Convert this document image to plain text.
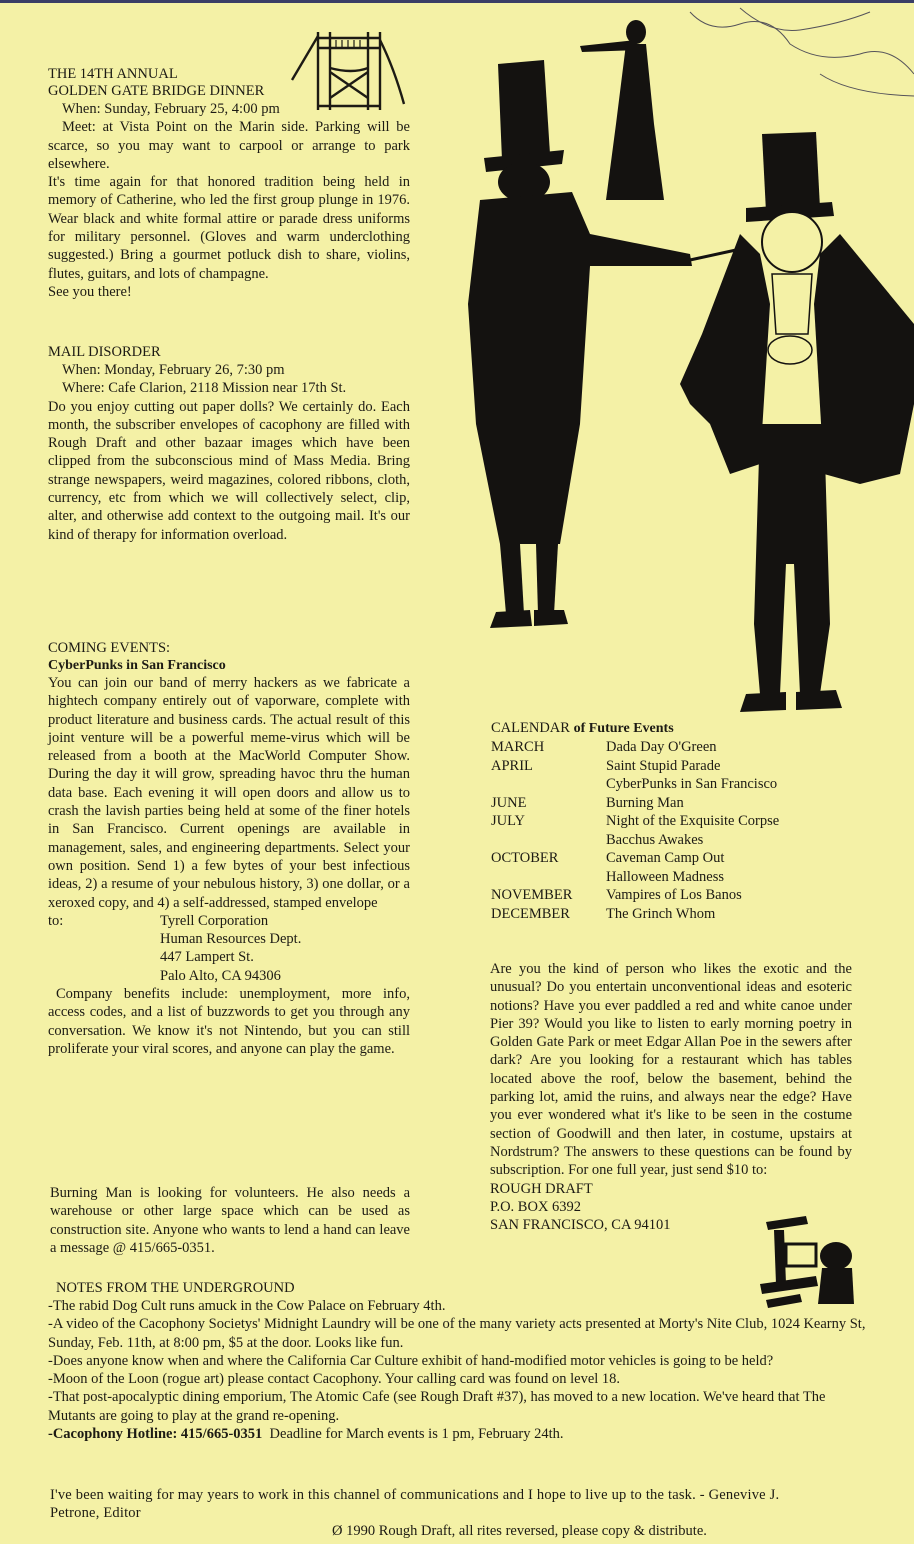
THE 14TH ANNUAL
GOLDEN GATE BRIDGE DINNER
When: Sunday, February 25, 4:00 pm
Meet: at Vista Point on the Marin side. Parking will be scarce, so you may want to carpool or arrange to park elsewhere.
It's time again for that honored tradition being held in memory of Catherine, who led the first group plunge in 1976. Wear black and white formal attire or parade dress uniforms for military personnel. (Gloves and warm underclothing suggested.) Bring a gourmet potluck dish to share, violins, flutes, guitars, and lots of champagne.
See you there!
MAIL DISORDER
When: Monday, February 26, 7:30 pm
Where: Cafe Clarion, 2118 Mission near 17th St.
Do you enjoy cutting out paper dolls? We certainly do. Each month, the subscriber envelopes of cacophony are filled with Rough Draft and other bazaar images which have been clipped from the subconscious mind of Mass Media. Bring strange newspapers, weird magazines, colored ribbons, cloth, currency, etc from which we will collectively select, clip, alter, and otherwise add context to the outgoing mail. It's our kind of therapy for information overload.
COMING EVENTS:
CyberPunks in San Francisco
You can join our band of merry hackers as we fabricate a hightech company entirely out of vaporware, complete with product literature and business cards. The actual result of this joint venture will be a powerful meme-virus which will be released from a booth at the MacWorld Computer Show. During the day it will grow, spreading havoc thru the human data base. Each evening it will open doors and allow us to crash the lavish parties being held at some of the finer hotels in San Francisco. Current openings are available in management, sales, and engineering departments. Select your own position. Send 1) a few bytes of your best infectious ideas, 2) a resume of your nebulous history, 3) one dollar, or a xeroxed copy, and 4) a self-addressed, stamped envelope
to:	Tyrell Corporation
Human Resources Dept.
447 Lampert St.
Palo Alto, CA 94306
Company benefits include: unemployment, more info, access codes, and a list of buzzwords to get you through any conversation. We know it's not Nintendo, but you can still proliferate your viral scores, and anyone can play the game.
Burning Man is looking for volunteers. He also needs a warehouse or other large space which can be used as construction site. Anyone who wants to lend a hand can leave a message @ 415/665-0351.
CALENDAR of Future Events
MARCH	Dada Day O'Green
APRIL	Saint Stupid Parade
	CyberPunks in San Francisco
JUNE	Burning Man
JULY	Night of the Exquisite Corpse
	Bacchus Awakes
OCTOBER	Caveman Camp Out
	Halloween Madness
NOVEMBER	Vampires of Los Banos
DECEMBER	The Grinch Whom
Are you the kind of person who likes the exotic and the unusual? Do you entertain unconventional ideas and esoteric notions? Have you ever paddled a red and white canoe under Pier 39? Would you like to listen to early morning poetry in Golden Gate Park or meet Edgar Allan Poe in the sewers after dark? Are you looking for a restaurant which has tables located above the roof, below the basement, behind the parking lot, amid the ruins, and always near the edge? Have you ever wondered what it's like to be seen in the costume section of Goodwill and then later, in costume, upstairs at Nordstrum? The answers to these questions can be found by subscription. For one full year, just send $10 to:
ROUGH DRAFT
P.O. BOX 6392
SAN FRANCISCO, CA 94101
NOTES FROM THE UNDERGROUND
-The rabid Dog Cult runs amuck in the Cow Palace on February 4th.
-A video of the Cacophony Societys' Midnight Laundry will be one of the many variety acts presented at Morty's Nite Club, 1024 Kearny St, Sunday, Feb. 11th, at 8:00 pm, $5 at the door. Looks like fun.
-Does anyone know when and where the California Car Culture exhibit of hand-modified motor vehicles is going to be held?
-Moon of the Loon (rogue art) please contact Cacophony. Your calling card was found on level 18.
-That post-apocalyptic dining emporium, The Atomic Cafe (see Rough Draft #37), has moved to a new location. We've heard that The Mutants are going to play at the grand re-opening.
-Cacophony Hotline: 415/665-0351 Deadline for March events is 1 pm, February 24th.
I've been waiting for may years to work in this channel of communications and I hope to live up to the task. - Genevive J. Petrone, Editor
Ø 1990 Rough Draft, all rites reversed, please copy & distribute.
